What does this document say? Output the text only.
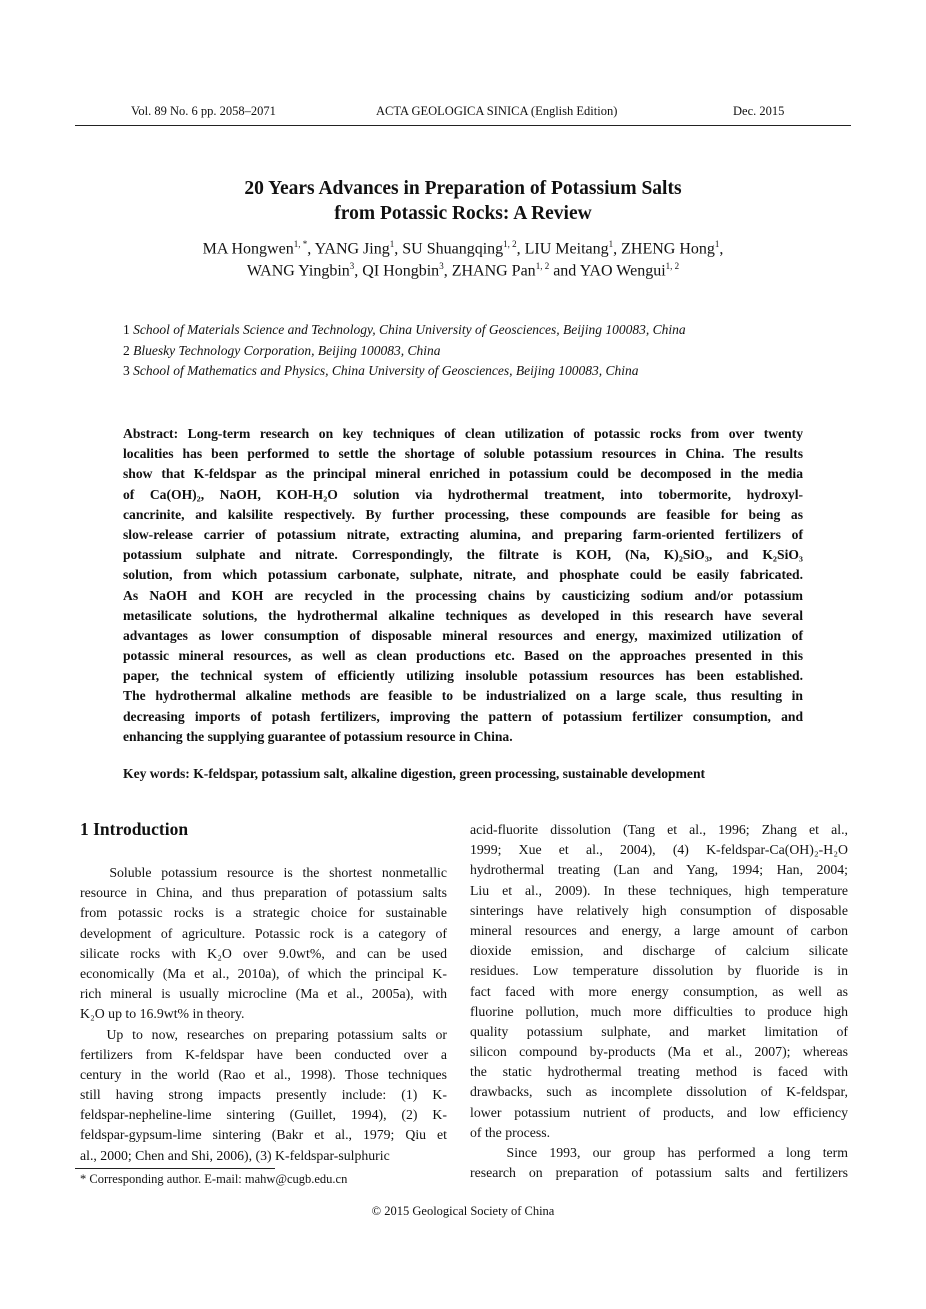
Vol. 89 No. 6 pp. 2058–2071	ACTA GEOLOGICA SINICA (English Edition)	Dec. 2015
20 Years Advances in Preparation of Potassium Salts
from Potassic Rocks: A Review
MA Hongwen$^{1, *}$, YANG Jing$^1$, SU Shuangqing$^{1, 2}$, LIU Meitang$^1$, ZHENG Hong$^1$,
WANG Yingbin$^3$, QI Hongbin$^3$, ZHANG Pan$^{1, 2}$ and YAO Wengui$^{1, 2}$
1 School of Materials Science and Technology, China University of Geosciences, Beijing 100083, China
2 Bluesky Technology Corporation, Beijing 100083, China
3 School of Mathematics and Physics, China University of Geosciences, Beijing 100083, China
Abstract: Long-term research on key techniques of clean utilization of potassic rocks from over twenty
localities has been performed to settle the shortage of soluble potassium resources in China. The results
show that K-feldspar as the principal mineral enriched in potassium could be decomposed in the media
of Ca(OH)₂, NaOH, KOH-H₂O solution via hydrothermal treatment, into tobermorite, hydroxyl-
cancrinite, and kalsilite respectively. By further processing, these compounds are feasible for being as
slow-release carrier of potassium nitrate, extracting alumina, and preparing farm-oriented fertilizers of
potassium sulphate and nitrate. Correspondingly, the filtrate is KOH, (Na, K)₂SiO₃, and K₂SiO₃
solution, from which potassium carbonate, sulphate, nitrate, and phosphate could be easily fabricated.
As NaOH and KOH are recycled in the processing chains by causticizing sodium and/or potassium
metasilicate solutions, the hydrothermal alkaline techniques as developed in this research have several
advantages as lower consumption of disposable mineral resources and energy, maximized utilization of
potassic mineral resources, as well as clean productions etc. Based on the approaches presented in this
paper, the technical system of efficiently utilizing insoluble potassium resources has been established.
The hydrothermal alkaline methods are feasible to be industrialized on a large scale, thus resulting in
decreasing imports of potash fertilizers, improving the pattern of potassium fertilizer consumption, and
enhancing the supplying guarantee of potassium resource in China.
Key words: K-feldspar, potassium salt, alkaline digestion, green processing, sustainable development
1 Introduction
Soluble potassium resource is the shortest nonmetallic
resource in China, and thus preparation of potassium salts
from potassic rocks is a strategic choice for sustainable
development of agriculture. Potassic rock is a category of
silicate rocks with K₂O over 9.0wt%, and can be used
economically (Ma et al., 2010a), of which the principal K-
rich mineral is usually microcline (Ma et al., 2005a), with
K₂O up to 16.9wt% in theory.
Up to now, researches on preparing potassium salts or
fertilizers from K-feldspar have been conducted over a
century in the world (Rao et al., 1998). Those techniques
still having strong impacts presently include: (1) K-
feldspar-nepheline-lime sintering (Guillet, 1994), (2) K-
feldspar-gypsum-lime sintering (Bakr et al., 1979; Qiu et
al., 2000; Chen and Shi, 2006), (3) K-feldspar-sulphuric
acid-fluorite dissolution (Tang et al., 1996; Zhang et al.,
1999; Xue et al., 2004), (4) K-feldspar-Ca(OH)₂-H₂O
hydrothermal treating (Lan and Yang, 1994; Han, 2004;
Liu et al., 2009). In these techniques, high temperature
sinterings have relatively high consumption of disposable
mineral resources and energy, a large amount of carbon
dioxide emission, and discharge of calcium silicate
residues. Low temperature dissolution by fluoride is in
fact faced with more energy consumption, as well as
fluorine pollution, much more difficulties to produce high
quality potassium sulphate, and market limitation of
silicon compound by-products (Ma et al., 2007); whereas
the static hydrothermal treating method is faced with
drawbacks, such as incomplete dissolution of K-feldspar,
lower potassium nutrient of products, and low efficiency
of the process.
Since 1993, our group has performed a long term
research on preparation of potassium salts and fertilizers
* Corresponding author. E-mail: mahw@cugb.edu.cn
© 2015 Geological Society of China
